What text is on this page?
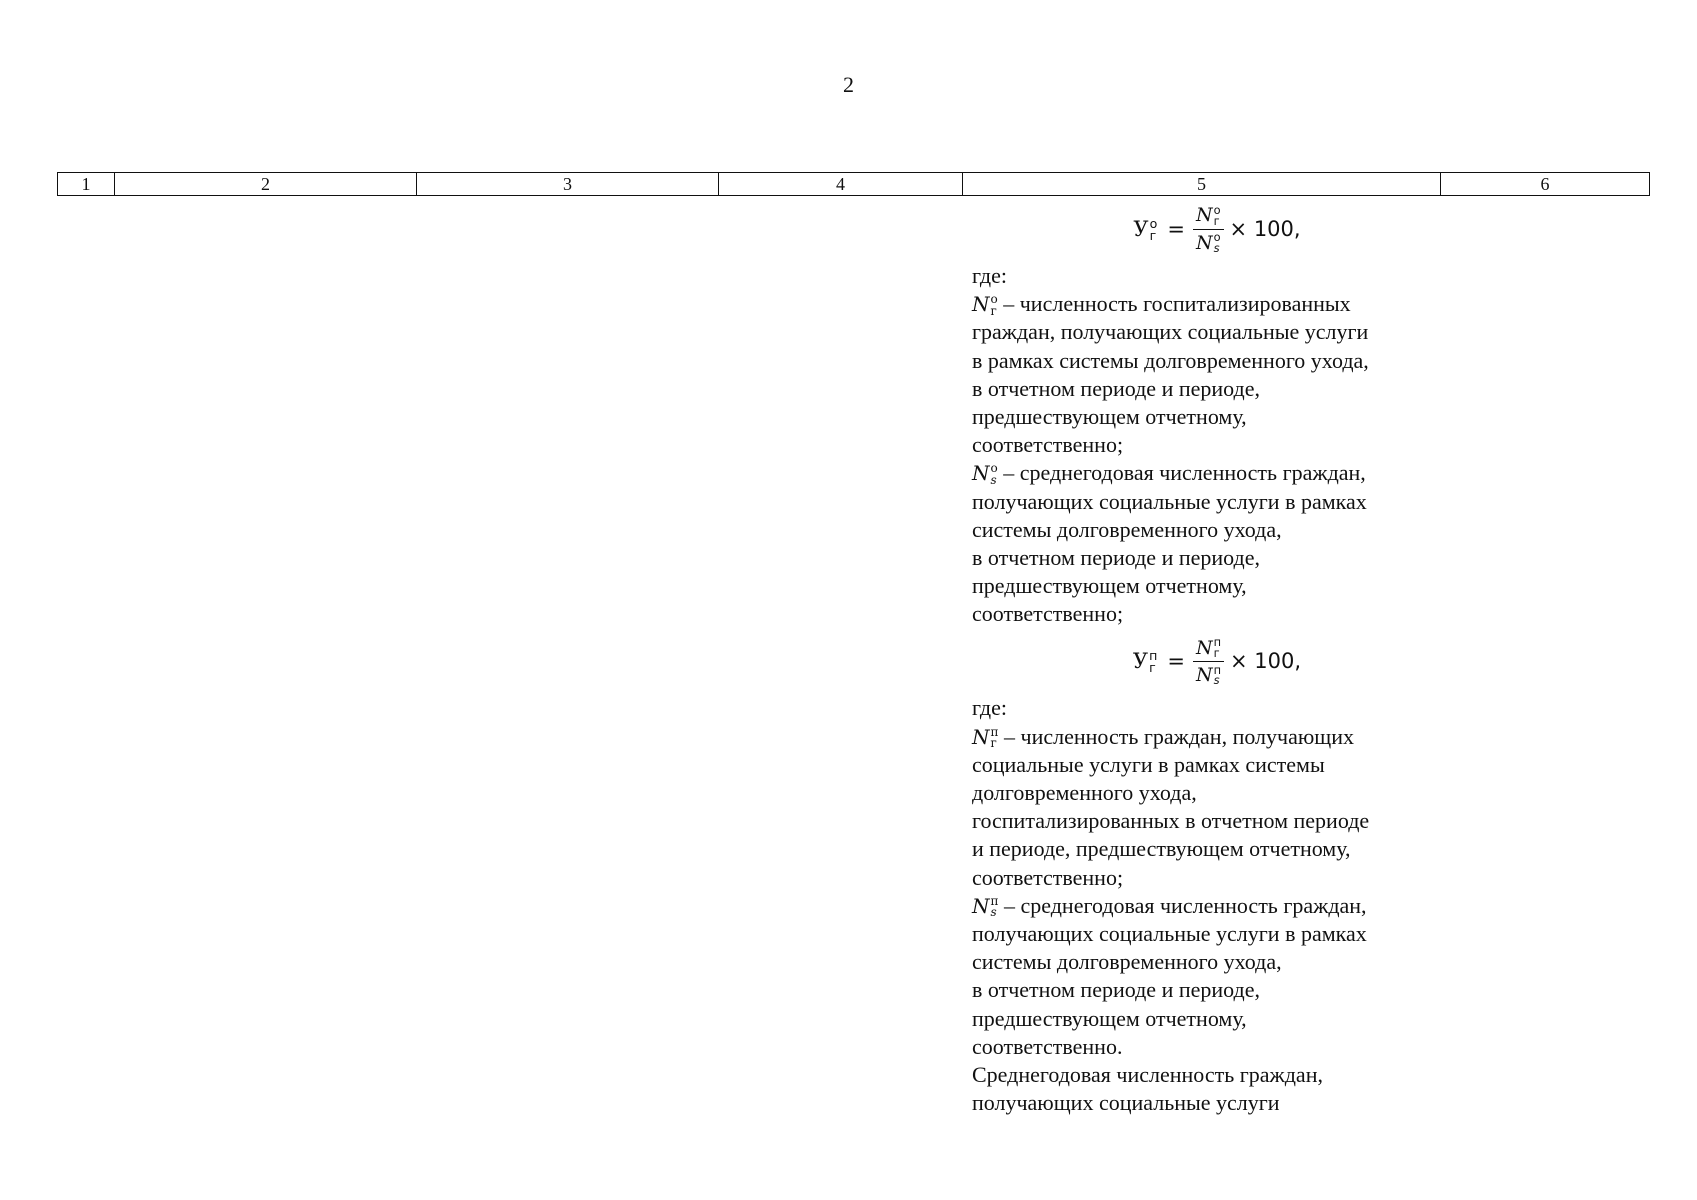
2
1	2	3	4	5	6
У о
г = N о
г
N о
s × 100,
где:
N о
г – численность госпитализированных
граждан, получающих социальные услуги
в рамках системы долговременного ухода,
в отчетном периоде и периоде,
предшествующем отчетному,
соответственно;
N о
s – среднегодовая численность граждан,
получающих социальные услуги в рамках
системы долговременного ухода,
в отчетном периоде и периоде,
предшествующем отчетному,
соответственно;
У п
г = N п
г
N п
s × 100,
где:
N п
г – численность граждан, получающих
социальные услуги в рамках системы
долговременного ухода,
госпитализированных в отчетном периоде
и периоде, предшествующем отчетному,
соответственно;
N п
s – среднегодовая численность граждан,
получающих социальные услуги в рамках
системы долговременного ухода,
в отчетном периоде и периоде,
предшествующем отчетному,
соответственно.
Среднегодовая численность граждан,
получающих социальные услуги
